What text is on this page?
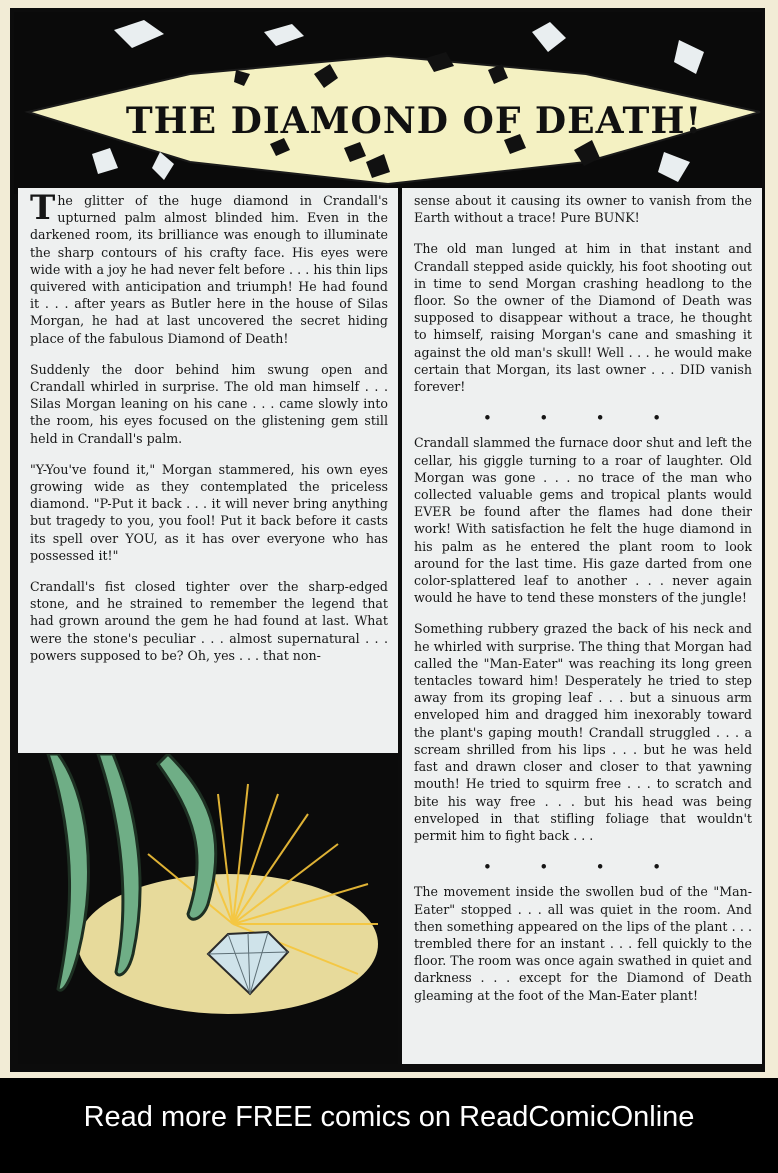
THE DIAMOND OF DEATH!

The glitter of the huge diamond in Crandall's upturned palm almost blinded him. Even in the darkened room, its brilliance was enough to illuminate the sharp contours of his crafty face. His eyes were wide with a joy he had never felt before . . . his thin lips quivered with anticipation and triumph! He had found it . . . after years as Butler here in the house of Silas Morgan, he had at last uncovered the secret hiding place of the fabulous Diamond of Death!

Suddenly the door behind him swung open and Crandall whirled in surprise. The old man himself . . . Silas Morgan leaning on his cane . . . came slowly into the room, his eyes focused on the glistening gem still held in Crandall's palm.

"Y-You've found it," Morgan stammered, his own eyes growing wide as they contemplated the priceless diamond. "P-Put it back . . . it will never bring anything but tragedy to you, you fool! Put it back before it casts its spell over YOU, as it has over everyone who has possessed it!"

Crandall's fist closed tighter over the sharp-edged stone, and he strained to remember the legend that had grown around the gem he had found at last. What were the stone's peculiar . . . almost supernatural . . . powers supposed to be? Oh, yes . . . that non-

sense about it causing its owner to vanish from the Earth without a trace! Pure BUNK!

The old man lunged at him in that instant and Crandall stepped aside quickly, his foot shooting out in time to send Morgan crashing headlong to the floor. So the owner of the Diamond of Death was supposed to disappear without a trace, he thought to himself, raising Morgan's cane and smashing it against the old man's skull! Well . . . he would make certain that Morgan, its last owner . . . DID vanish forever!

• • • •

Crandall slammed the furnace door shut and left the cellar, his giggle turning to a roar of laughter. Old Morgan was gone . . . no trace of the man who collected valuable gems and tropical plants would EVER be found after the flames had done their work! With satisfaction he felt the huge diamond in his palm as he entered the plant room to look around for the last time. His gaze darted from one color-splattered leaf to another . . . never again would he have to tend these monsters of the jungle!

Something rubbery grazed the back of his neck and he whirled with surprise. The thing that Morgan had called the "Man-Eater" was reaching its long green tentacles toward him! Desperately he tried to step away from its groping leaf . . . but a sinuous arm enveloped him and dragged him inexorably toward the plant's gaping mouth! Crandall struggled . . . a scream shrilled from his lips . . . but he was held fast and drawn closer and closer to that yawning mouth! He tried to squirm free . . . to scratch and bite his way free . . . but his head was being enveloped in that stifling foliage that wouldn't permit him to fight back . . .

• • • •

The movement inside the swollen bud of the "Man-Eater" stopped . . . all was quiet in the room. And then something appeared on the lips of the plant . . . trembled there for an instant . . . fell quickly to the floor. The room was once again swathed in quiet and darkness . . . except for the Diamond of Death gleaming at the foot of the Man-Eater plant!

Read more FREE comics on ReadComicOnline
